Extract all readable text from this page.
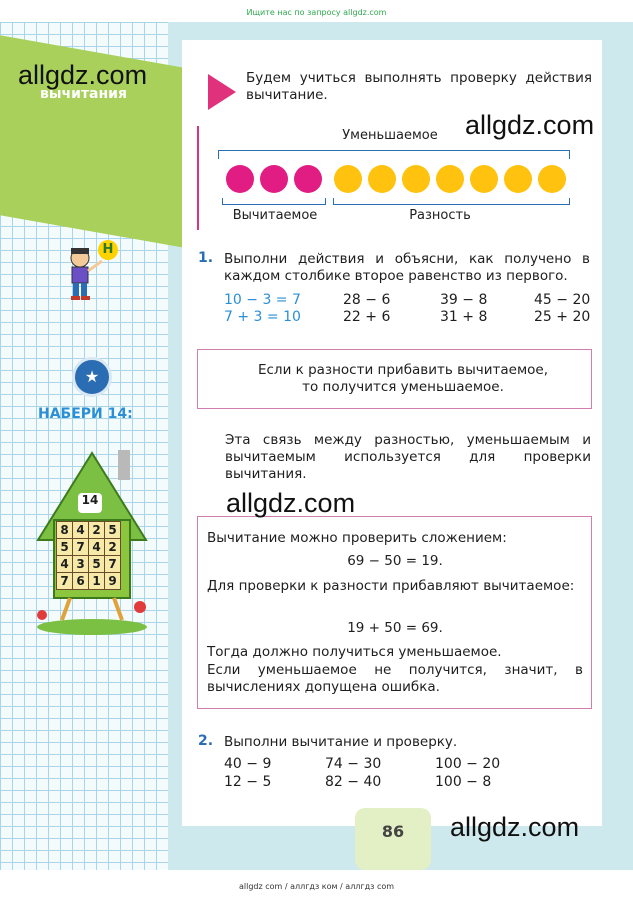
Ищите нас по запросу allgdz.com
вычитания
Будем учиться выполнять проверку действия вычитание.
Уменьшаемое
Вычитаемое	Разность
1. Выполни действия и объясни, как получено в каждом столбике второе равенство из первого.
10 − 3 = 7	28 − 6	39 − 8	45 − 20
7 + 3 = 10	22 + 6	31 + 8	25 + 20
Если к разности прибавить вычитаемое,
то получится уменьшаемое.
Эта связь между разностью, уменьшаемым и вычитаемым используется для проверки вычитания.
Вычитание можно проверить сложением:
69 − 50 = 19.
Для проверки к разности прибавляют вычитаемое:
19 + 50 = 69.
Тогда должно получиться уменьшаемое.
Если уменьшаемое не получится, значит, в вычислениях допущена ошибка.
2. Выполни вычитание и проверку.
40 − 9	74 − 30	100 − 20
12 − 5	82 − 40	100 − 8
Н
★
НАБЕРИ 14:
14
8	4	2	5
5	7	4	2
4	3	5	7
7	6	1	9
86
allgdz.com
allgdz.com
allgdz.com
allgdz.com
allgdz com / аллгдз ком / аллгдз com
